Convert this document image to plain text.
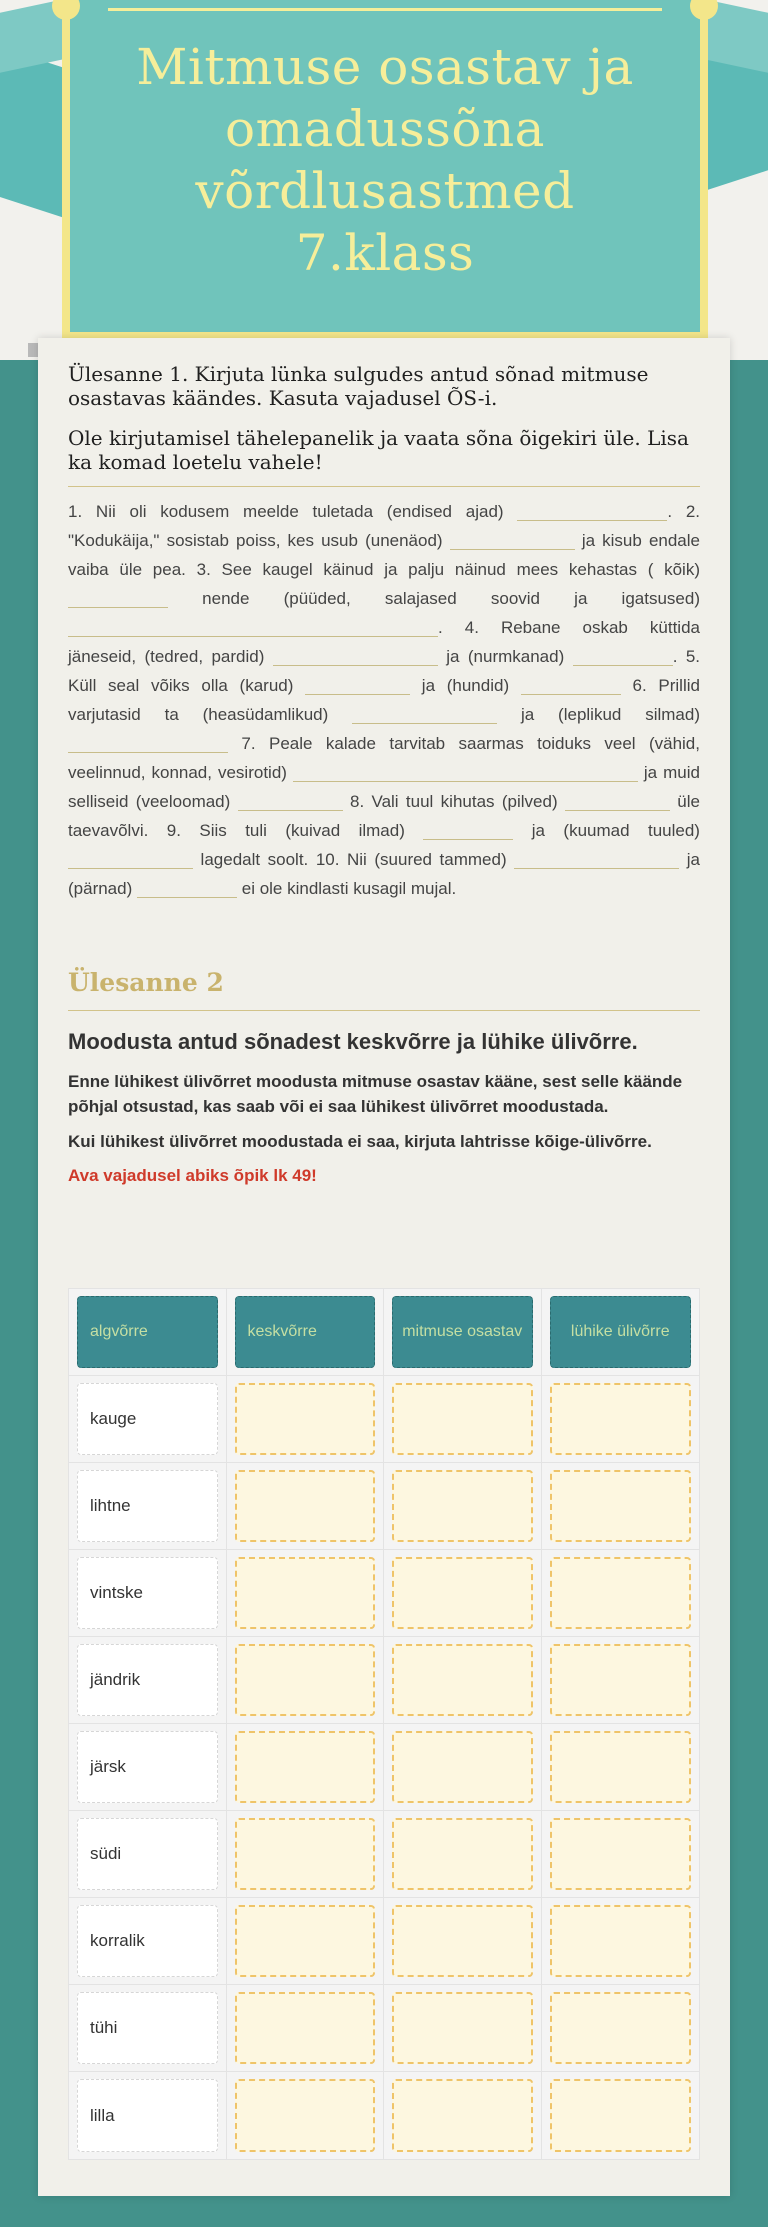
Mitmuse osastav ja
omadussõna
võrdlusastmed
7.klass

Ülesanne 1. Kirjuta lünka sulgudes antud sõnad mitmuse osastavas käändes. Kasuta vajadusel ÕS-i.

Ole kirjutamisel tähelepanelik ja vaata sõna õigekiri üle. Lisa ka komad loetelu vahele!

1. Nii oli kodusem meelde tuletada (endised ajad)	. 2. "Kodukäija," sosistab poiss, kes usub (unenäod)	ja kisub endale vaiba üle pea. 3. See kaugel käinud ja palju näinud mees kehastas ( kõik)  nende (püüded, salajased soovid ja igatsused) . 4. Rebane oskab küttida jäneseid, (tedred, pardid)	ja (nurmkanad)	. 5. Küll seal võiks olla (karud)	ja (hundid)	6. Prillid varjutasid ta (heasüdamlikud)	ja (leplikud silmad)  7. Peale kalade tarvitab saarmas toiduks veel (vähid, veelinnud, konnad, vesirotid)	ja muid selliseid (veeloomad)	8. Vali tuul kihutas (pilved)	üle taevavõlvi. 9. Siis tuli (kuivad ilmad)	ja (kuumad tuuled)  lagedalt soolt. 10. Nii (suured tammed)	ja (pärnad)	ei ole kindlasti kusagil mujal.
Ülesanne 2

Moodusta antud sõnadest keskvõrre ja lühike ülivõrre.

Enne lühikest ülivõrret moodusta mitmuse osastav kääne, sest selle käände põhjal otsustad, kas saab või ei saa lühikest ülivõrret moodustada.

Kui lühikest ülivõrret moodustada ei saa, kirjuta lahtrisse kõige-ülivõrre.

Ava vajadusel abiks õpik lk 49!

algvõrre	keskvõrre	mitmuse osastav	lühike ülivõrre
kauge
lihtne
vintske
jändrik
järsk
südi
korralik
tühi
lilla
